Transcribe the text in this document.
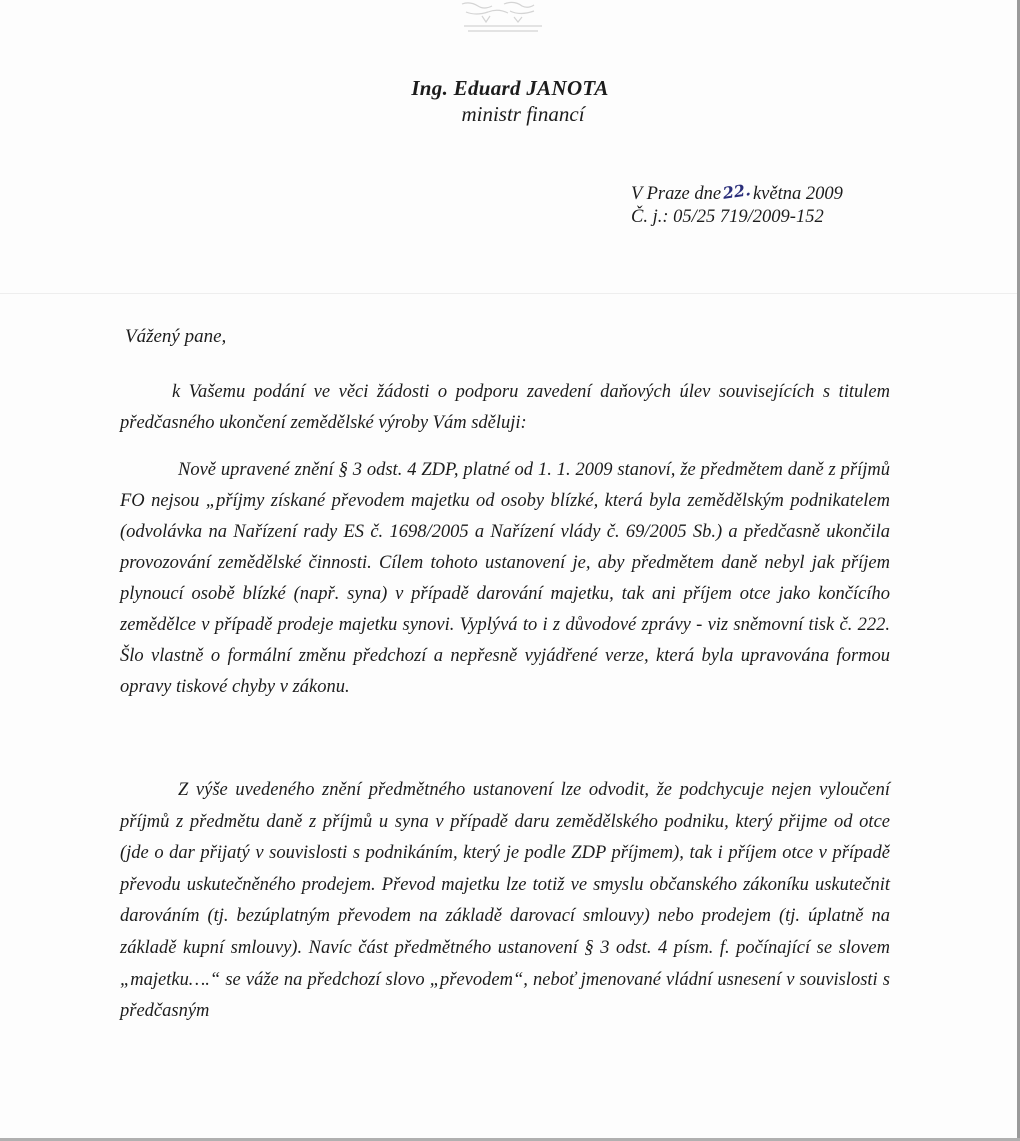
Ing. Eduard JANOTA
ministr financí
V Praze dne22.května 2009
Č. j.: 05/25 719/2009-152
Vážený pane,

k Vašemu podání ve věci žádosti o podporu zavedení daňových úlev souvisejících s titulem předčasného ukončení zemědělské výroby Vám sděluji:

Nově upravené znění § 3 odst. 4 ZDP, platné od 1. 1. 2009 stanoví, že předmětem daně z příjmů FO nejsou „příjmy získané převodem majetku od osoby blízké, která byla zemědělským podnikatelem (odvolávka na Nařízení rady ES č. 1698/2005 a Nařízení vlády č. 69/2005 Sb.) a předčasně ukončila provozování zemědělské činnosti. Cílem tohoto ustanovení je, aby předmětem daně nebyl jak příjem plynoucí osobě blízké (např. syna) v případě darování majetku, tak ani příjem otce jako končícího zemědělce v případě prodeje majetku synovi. Vyplývá to i z důvodové zprávy - viz sněmovní tisk č. 222. Šlo vlastně o formální změnu předchozí a nepřesně vyjádřené verze, která byla upravována formou opravy tiskové chyby v zákonu.

Z výše uvedeného znění předmětného ustanovení lze odvodit, že podchycuje nejen vyloučení příjmů z předmětu daně z příjmů u syna v případě daru zemědělského podniku, který přijme od otce (jde o dar přijatý v souvislosti s podnikáním, který je podle ZDP příjmem), tak i příjem otce v případě převodu uskutečněného prodejem. Převod majetku lze totiž ve smyslu občanského zákoníku uskutečnit darováním (tj. bezúplatným převodem na základě darovací smlouvy) nebo prodejem (tj. úplatně na základě kupní smlouvy). Navíc část předmětného ustanovení § 3 odst. 4 písm. f. počínající se slovem „majetku….“ se váže na předchozí slovo „převodem“, neboť jmenované vládní usnesení v souvislosti s předčasným
